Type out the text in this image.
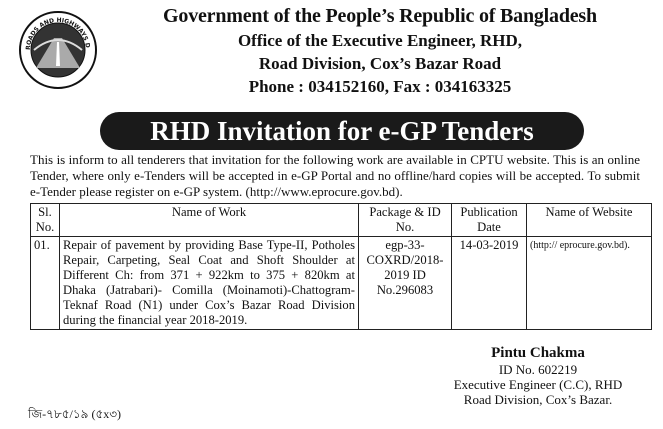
ROADS AND HIGHWAYS D
Government of the People’s Republic of Bangladesh
Office of the Executive Engineer, RHD,
Road Division, Cox’s Bazar Road
Phone : 034152160, Fax : 034163325
RHD Invitation for e-GP Tenders
This is inform to all tenderers that invitation for the following work are available in CPTU website. This is an online Tender, where only e-Tenders will be accepted in e-GP Portal and no offline/hard copies will be accepted. To submit e-Tender please register on e-GP system. (http://www.eprocure.gov.bd).
Sl. No.	Name of Work	Package & ID No.	Publication Date	Name of Website
01.	Repair of pavement by providing Base Type-II, Potholes Repair, Carpeting, Seal Coat and Shoft Shoulder at Different Ch: from 371 + 922km to 375 + 820km at Dhaka (Jatrabari)- Comilla (Moinamoti)-Chattogram-Teknaf Road (N1) under Cox’s Bazar Road Division during the financial year 2018-2019.	egp-33-COXRD/2018-2019 ID No.296083	14-03-2019	(http:// eprocure.gov.bd).
Pintu Chakma
ID No. 602219
Executive Engineer (C.C), RHD
Road Division, Cox’s Bazar.
জি-৭৮৫/১৯ (৫x৩)
